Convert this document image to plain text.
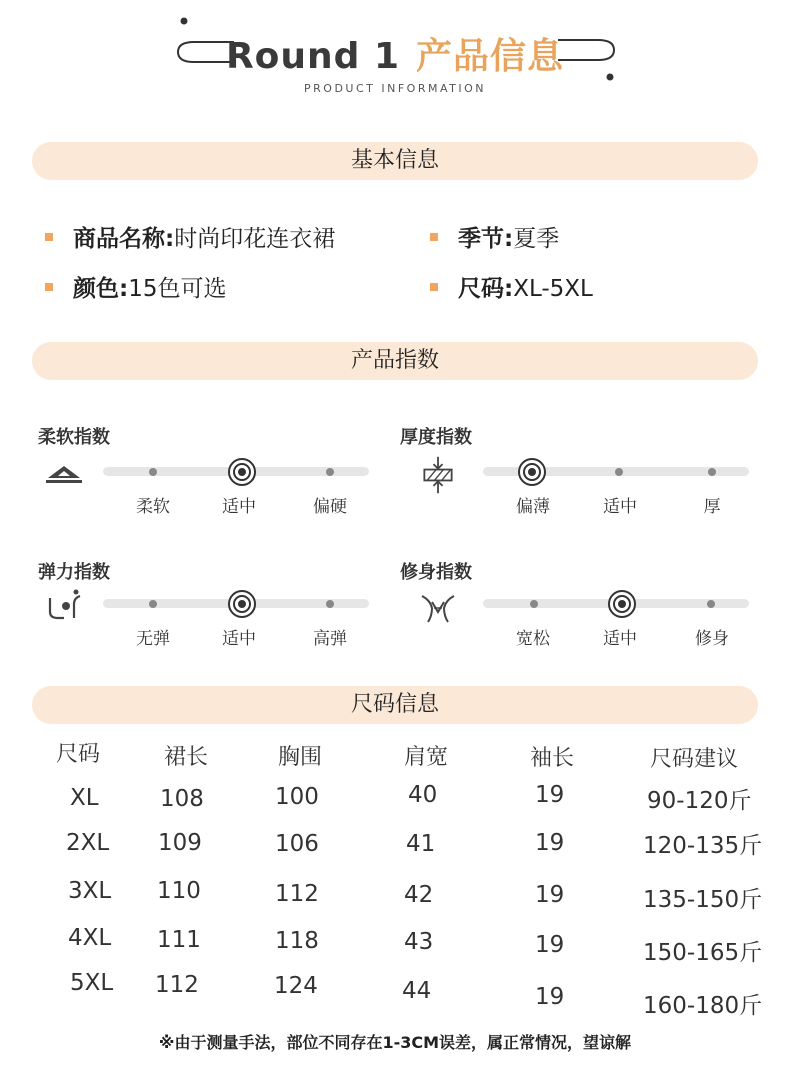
Round 1 产品信息
PRODUCT INFORMATION
基本信息
商品名称:时尚印花连衣裙	季节:夏季
颜色:15色可选	尺码:XL-5XL
产品指数
柔软指数
柔软	适中	偏硬
厚度指数
偏薄	适中	厚
弹力指数
无弹	适中	高弹
修身指数
宽松	适中	修身
尺码信息
尺码	裙长	胸围	肩宽	袖长	尺码建议
XL	108	100	40	19	90-120斤
2XL 109	106	41	19	120-135斤
3XL 110	112	42	19	135-150斤
4XL 111	118	43	19	150-165斤
5XL 112	124	44	19	160-180斤
※由于测量手法，部位不同存在1-3CM误差，属正常情况，望谅解
